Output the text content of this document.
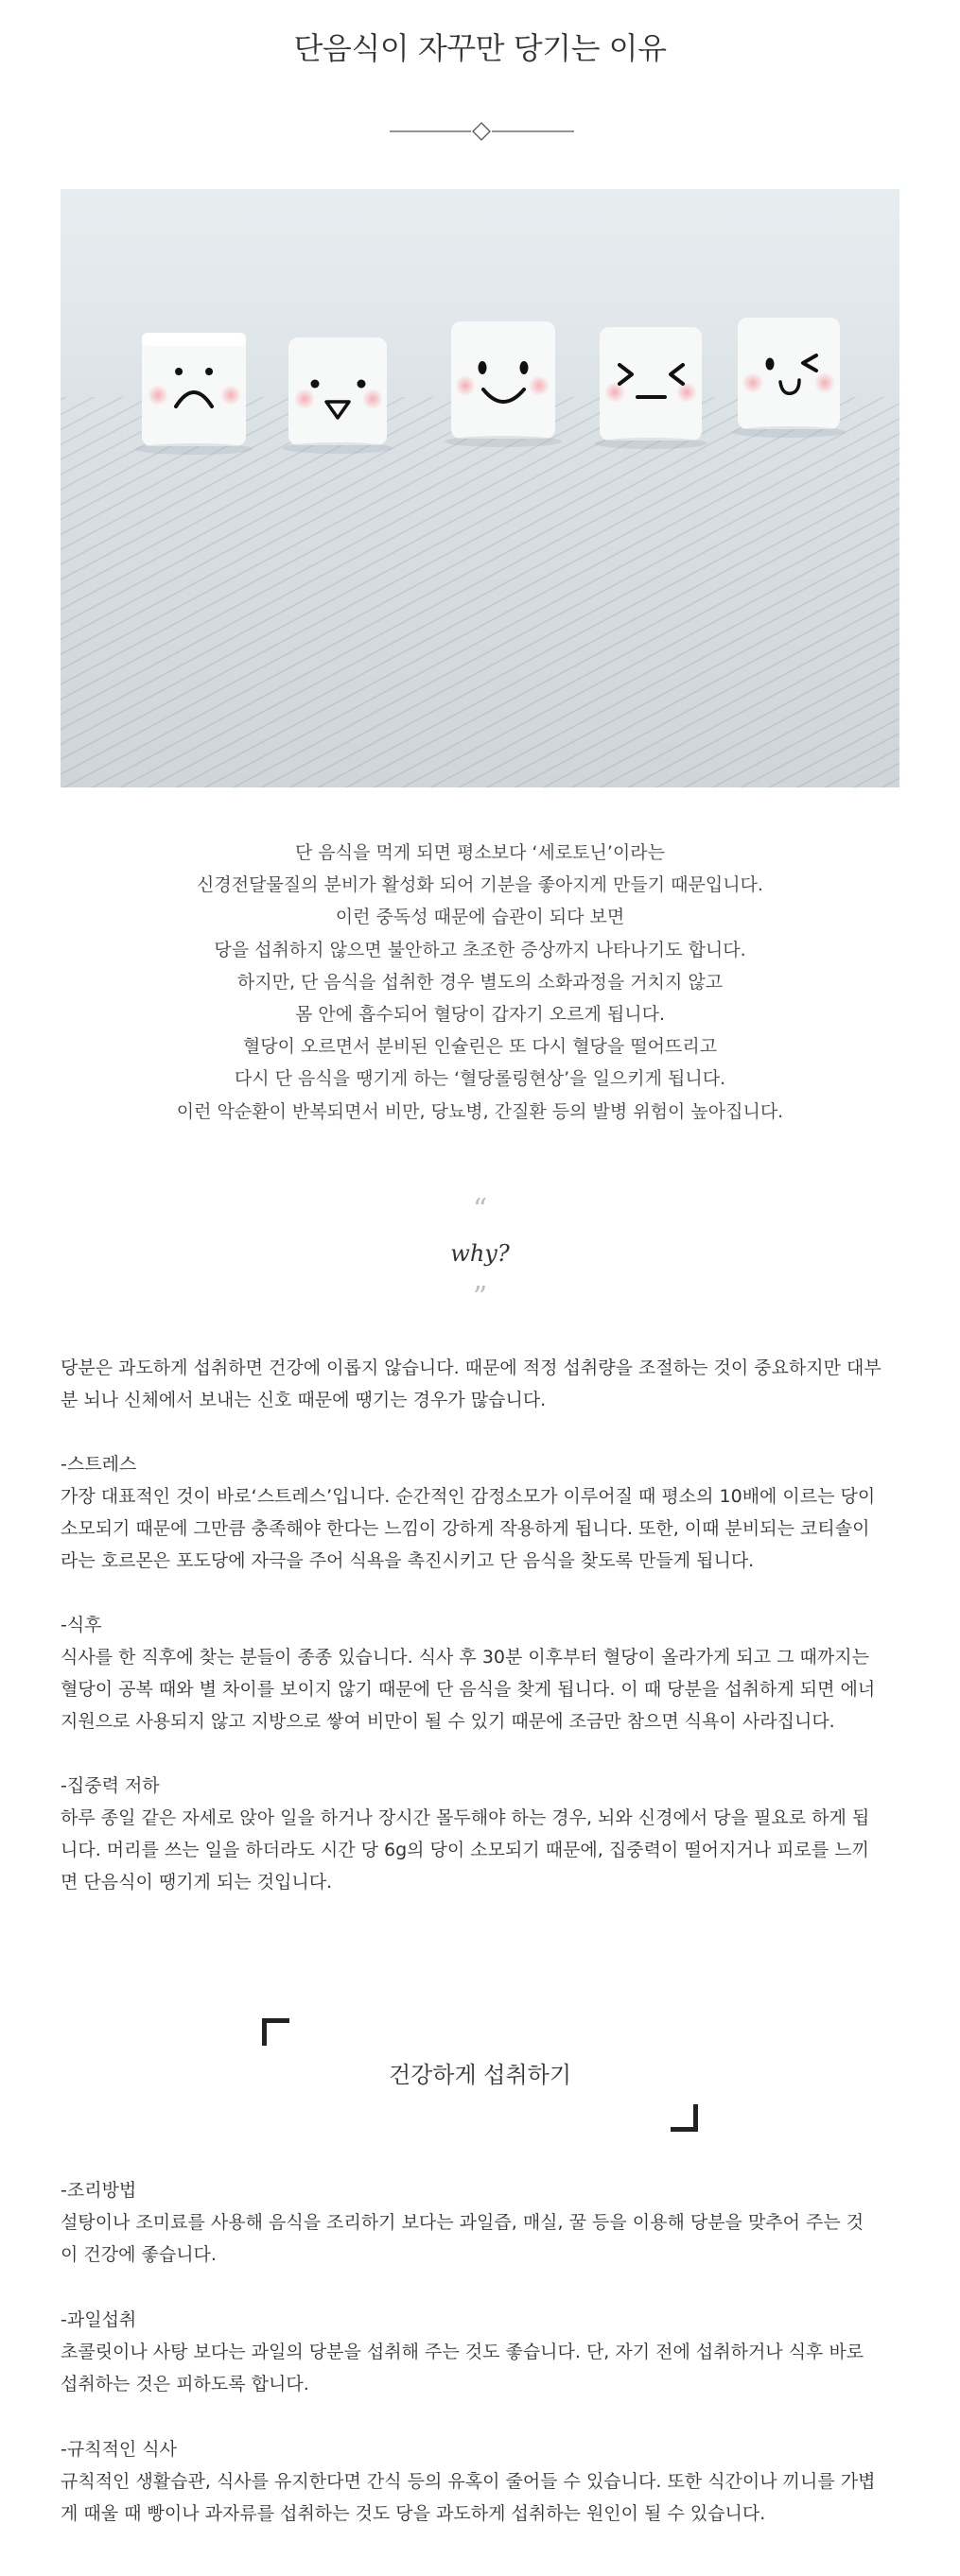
단음식이 자꾸만 당기는 이유

단 음식을 먹게 되면 평소보다 ‘세로토닌’이라는

신경전달물질의 분비가 활성화 되어 기분을 좋아지게 만들기 때문입니다.

이런 중독성 때문에 습관이 되다 보면

당을 섭취하지 않으면 불안하고 초조한 증상까지 나타나기도 합니다.

하지만, 단 음식을 섭취한 경우 별도의 소화과정을 거치지 않고

몸 안에 흡수되어 혈당이 갑자기 오르게 됩니다.

혈당이 오르면서 분비된 인슐린은 또 다시 혈당을 떨어뜨리고

다시 단 음식을 땡기게 하는 ‘혈당롤링현상’을 일으키게 됩니다.

이런 악순환이 반복되면서 비만, 당뇨병, 간질환 등의 발병 위험이 높아집니다.

“
why?
”

당분은 과도하게 섭취하면 건강에 이롭지 않습니다. 때문에 적정 섭취량을 조절하는 것이 중요하지만 대부

분 뇌나 신체에서 보내는 신호 때문에 땡기는 경우가 많습니다.

-스트레스

가장 대표적인 것이 바로‘스트레스’입니다. 순간적인 감정소모가 이루어질 때 평소의 10배에 이르는 당이

소모되기 때문에 그만큼 충족해야 한다는 느낌이 강하게 작용하게 됩니다. 또한, 이때 분비되는 코티솔이

라는 호르몬은 포도당에 자극을 주어 식욕을 촉진시키고 단 음식을 찾도록 만들게 됩니다.

-식후

식사를 한 직후에 찾는 분들이 종종 있습니다. 식사 후 30분 이후부터 혈당이 올라가게 되고 그 때까지는

혈당이 공복 때와 별 차이를 보이지 않기 때문에 단 음식을 찾게 됩니다. 이 때 당분을 섭취하게 되면 에너

지원으로 사용되지 않고 지방으로 쌓여 비만이 될 수 있기 때문에 조금만 참으면 식욕이 사라집니다.

-집중력 저하

하루 종일 같은 자세로 앉아 일을 하거나 장시간 몰두해야 하는 경우, 뇌와 신경에서 당을 필요로 하게 됩

니다. 머리를 쓰는 일을 하더라도 시간 당 6g의 당이 소모되기 때문에, 집중력이 떨어지거나 피로를 느끼

면 단음식이 땡기게 되는 것입니다.

건강하게 섭취하기

-조리방법

설탕이나 조미료를 사용해 음식을 조리하기 보다는 과일즙, 매실, 꿀 등을 이용해 당분을 맞추어 주는 것

이 건강에 좋습니다.

-과일섭취

초콜릿이나 사탕 보다는 과일의 당분을 섭취해 주는 것도 좋습니다. 단, 자기 전에 섭취하거나 식후 바로

섭취하는 것은 피하도록 합니다.

-규칙적인 식사

규칙적인 생활습관, 식사를 유지한다면 간식 등의 유혹이 줄어들 수 있습니다. 또한 식간이나 끼니를 가볍

게 때울 때 빵이나 과자류를 섭취하는 것도 당을 과도하게 섭취하는 원인이 될 수 있습니다.
